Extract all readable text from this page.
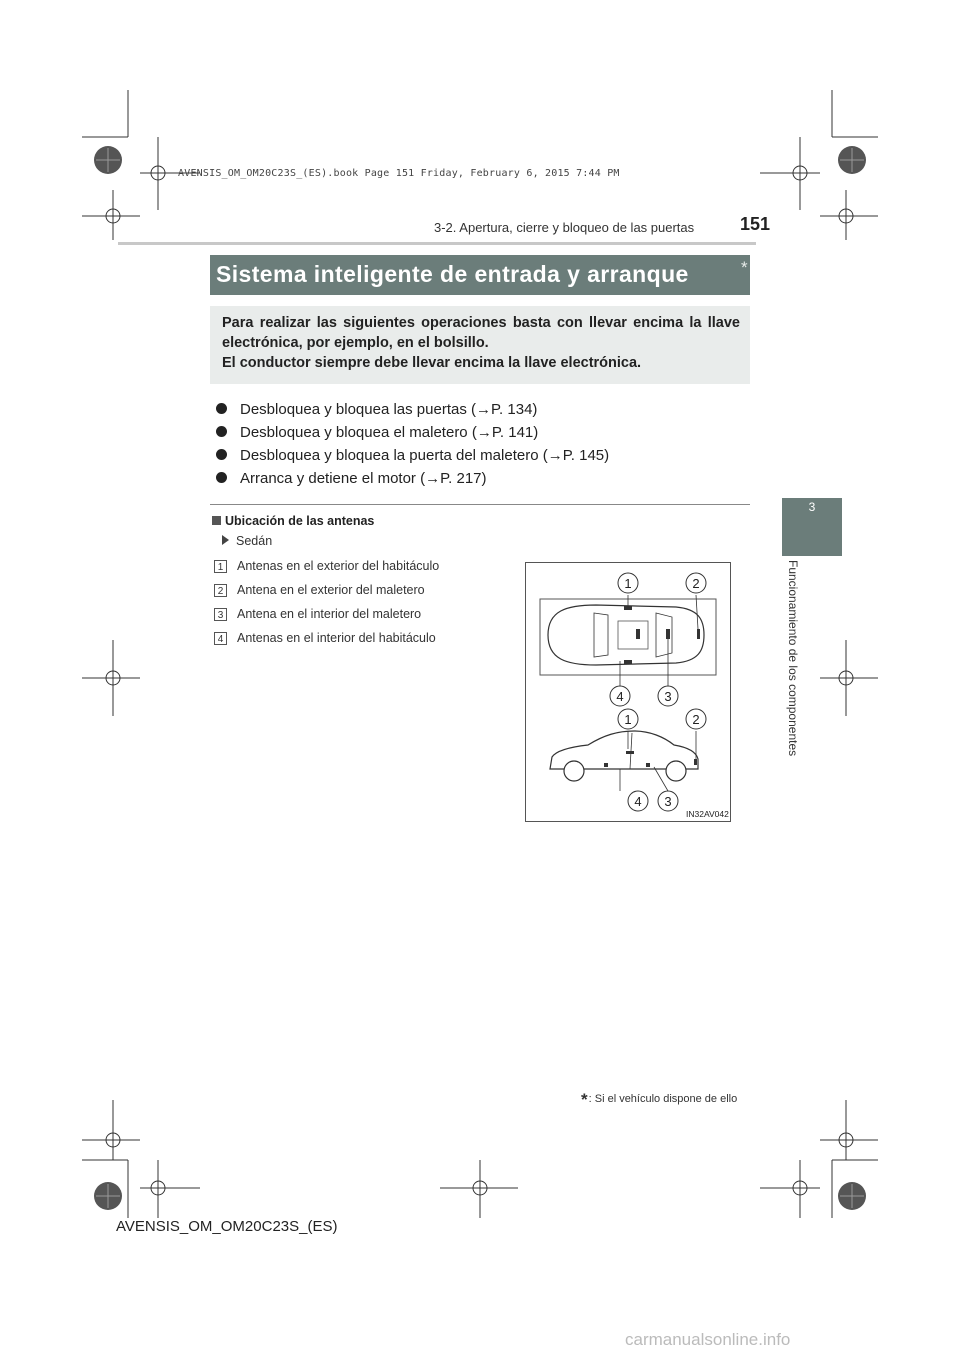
AVENSIS_OM_OM20C23S_(ES).book Page 151 Friday, February 6, 2015 7:44 PM
3-2. Apertura, cierre y bloqueo de las puertas	151
3
Funcionamiento de los componentes
Sistema inteligente de entrada y arranque	*
Para realizar las siguientes operaciones basta con llevar encima la llave electrónica, por ejemplo, en el bolsillo.
El conductor siempre debe llevar encima la llave electrónica.
Desbloquea y bloquea las puertas (→P. 134)
Desbloquea y bloquea el maletero (→P. 141)
Desbloquea y bloquea la puerta del maletero (→P. 145)
Arranca y detiene el motor (→P. 217)
Ubicación de las antenas
Sedán
1 Antenas en el exterior del habitáculo
2 Antena en el exterior del maletero
3 Antena en el interior del maletero
4 Antenas en el interior del habitáculo
1	2
4	3
1	2
4 3
IN32AV042
*: Si el vehículo dispone de ello
AVENSIS_OM_OM20C23S_(ES)
carmanualsonline.info
